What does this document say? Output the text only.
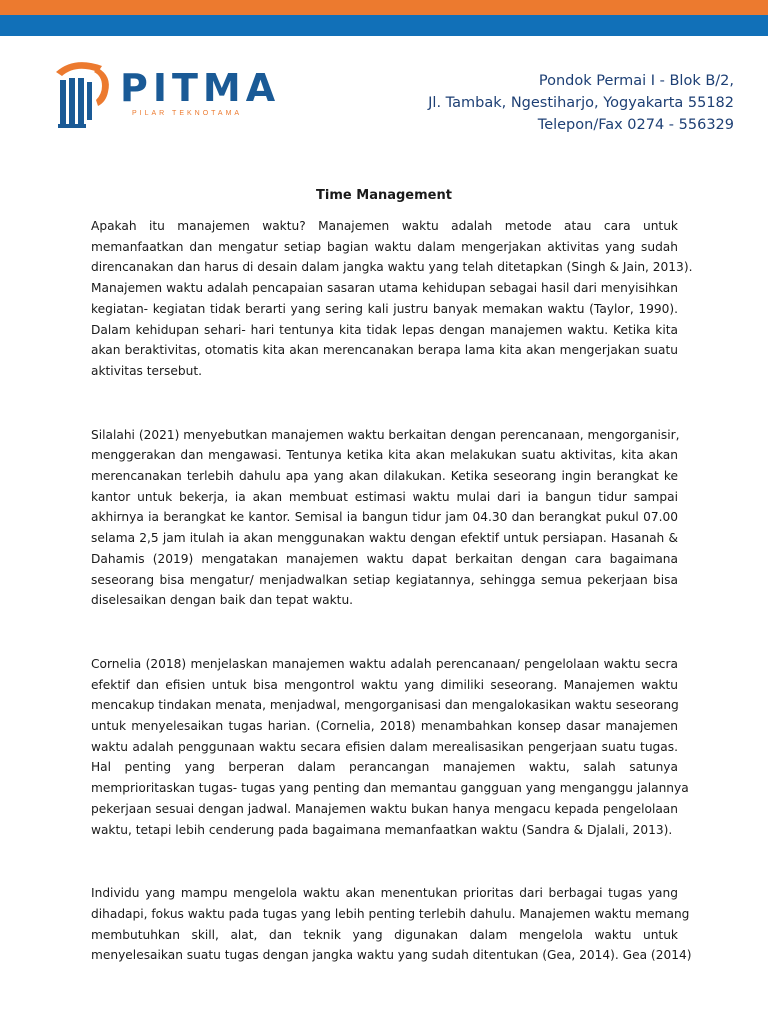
PITMA
PILAR TEKNOTAMA
Pondok Permai I - Blok B/2,
Jl. Tambak, Ngestiharjo, Yogyakarta 55182
Telepon/Fax 0274 - 556329
Time Management
Apakah itu manajemen waktu? Manajemen waktu adalah metode atau cara untuk
memanfaatkan dan mengatur setiap bagian waktu dalam mengerjakan aktivitas yang sudah
direncanakan dan harus di desain dalam jangka waktu yang telah ditetapkan (Singh & Jain, 2013).
Manajemen waktu adalah pencapaian sasaran utama kehidupan sebagai hasil dari menyisihkan
kegiatan- kegiatan tidak berarti yang sering kali justru banyak memakan waktu (Taylor, 1990).
Dalam kehidupan sehari- hari tentunya kita tidak lepas dengan manajemen waktu. Ketika kita
akan beraktivitas, otomatis kita akan merencanakan berapa lama kita akan mengerjakan suatu
aktivitas tersebut.
Silalahi (2021) menyebutkan manajemen waktu berkaitan dengan perencanaan, mengorganisir,
menggerakan dan mengawasi. Tentunya ketika kita akan melakukan suatu aktivitas, kita akan
merencanakan terlebih dahulu apa yang akan dilakukan. Ketika seseorang ingin berangkat ke
kantor untuk bekerja, ia akan membuat estimasi waktu mulai dari ia bangun tidur sampai
akhirnya ia berangkat ke kantor. Semisal ia bangun tidur jam 04.30 dan berangkat pukul 07.00
selama 2,5 jam itulah ia akan menggunakan waktu dengan efektif untuk persiapan. Hasanah &
Dahamis (2019) mengatakan manajemen waktu dapat berkaitan dengan cara bagaimana
seseorang bisa mengatur/ menjadwalkan setiap kegiatannya, sehingga semua pekerjaan bisa
diselesaikan dengan baik dan tepat waktu.
Cornelia (2018) menjelaskan manajemen waktu adalah perencanaan/ pengelolaan waktu secra
efektif dan efisien untuk bisa mengontrol waktu yang dimiliki seseorang. Manajemen waktu
mencakup tindakan menata, menjadwal, mengorganisasi dan mengalokasikan waktu seseorang
untuk menyelesaikan tugas harian. (Cornelia, 2018) menambahkan konsep dasar manajemen
waktu adalah penggunaan waktu secara efisien dalam merealisasikan pengerjaan suatu tugas.
Hal penting yang berperan dalam perancangan manajemen waktu, salah satunya
memprioritaskan tugas- tugas yang penting dan memantau gangguan yang menganggu jalannya
pekerjaan sesuai dengan jadwal. Manajemen waktu bukan hanya mengacu kepada pengelolaan
waktu, tetapi lebih cenderung pada bagaimana memanfaatkan waktu (Sandra & Djalali, 2013).
Individu yang mampu mengelola waktu akan menentukan prioritas dari berbagai tugas yang
dihadapi, fokus waktu pada tugas yang lebih penting terlebih dahulu. Manajemen waktu memang
membutuhkan skill, alat, dan teknik yang digunakan dalam mengelola waktu untuk
menyelesaikan suatu tugas dengan jangka waktu yang sudah ditentukan (Gea, 2014). Gea (2014)
